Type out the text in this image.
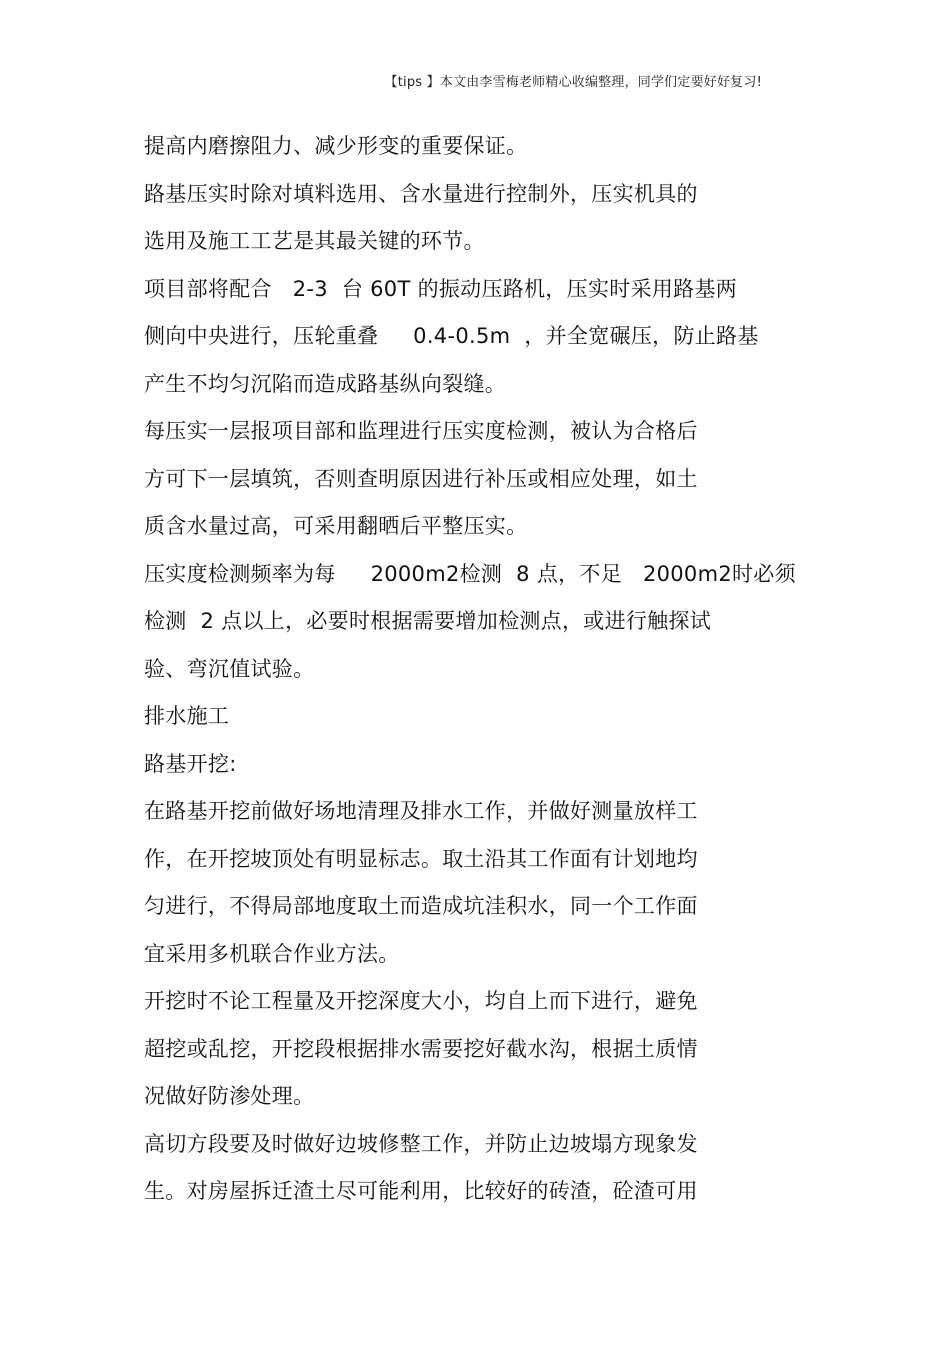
【tips 】本文由李雪梅老师精心收编整理，同学们定要好好复习!
提高内磨擦阻力、减少形变的重要保证。
路基压实时除对填料选用、含水量进行控制外，压实机具的
选用及施工工艺是其最关键的环节。
项目部将配合   2-3  台 60T 的振动压路机，压实时采用路基两
侧向中央进行，压轮重叠     0.4-0.5m  ，并全宽碾压，防止路基
产生不均匀沉陷而造成路基纵向裂缝。
每压实一层报项目部和监理进行压实度检测，被认为合格后
方可下一层填筑，否则查明原因进行补压或相应处理，如土
质含水量过高，可采用翻晒后平整压实。
压实度检测频率为每     2000m2检测  8 点，不足   2000m2时必须
检测  2 点以上，必要时根据需要增加检测点，或进行触探试
验、弯沉值试验。
排水施工
路基开挖:
在路基开挖前做好场地清理及排水工作，并做好测量放样工
作，在开挖坡顶处有明显标志。取土沿其工作面有计划地均
匀进行，不得局部地度取土而造成坑洼积水，同一个工作面
宜采用多机联合作业方法。
开挖时不论工程量及开挖深度大小，均自上而下进行，避免
超挖或乱挖，开挖段根据排水需要挖好截水沟，根据土质情
况做好防渗处理。
高切方段要及时做好边坡修整工作，并防止边坡塌方现象发
生。对房屋拆迁渣土尽可能利用，比较好的砖渣，砼渣可用
